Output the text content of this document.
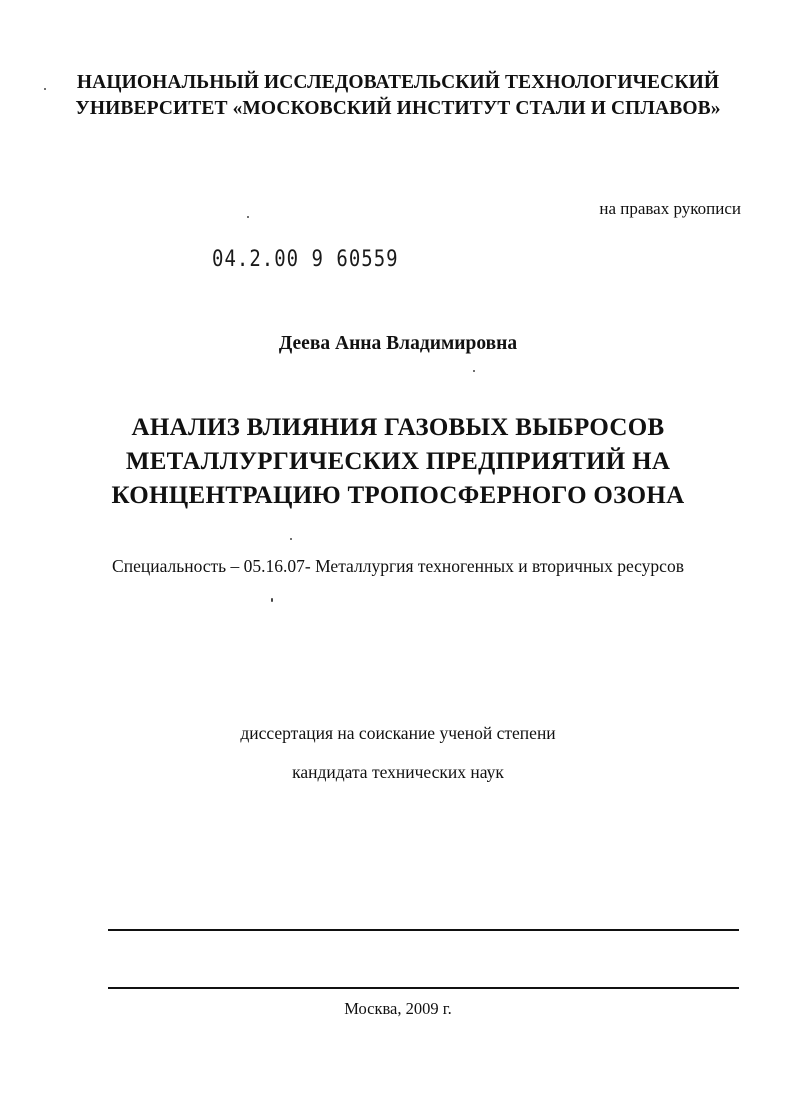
НАЦИОНАЛЬНЫЙ ИССЛЕДОВАТЕЛЬСКИЙ ТЕХНОЛОГИЧЕСКИЙ
УНИВЕРСИТЕТ «МОСКОВСКИЙ ИНСТИТУТ СТАЛИ И СПЛАВОВ»
на правах рукописи
04.2.00 9 60559
Деева Анна Владимировна
АНАЛИЗ ВЛИЯНИЯ ГАЗОВЫХ ВЫБРОСОВ
МЕТАЛЛУРГИЧЕСКИХ ПРЕДПРИЯТИЙ НА
КОНЦЕНТРАЦИЮ ТРОПОСФЕРНОГО ОЗОНА
Специальность – 05.16.07- Металлургия техногенных и вторичных ресурсов
диссертация на соискание ученой степени
кандидата технических наук
Москва, 2009 г.
